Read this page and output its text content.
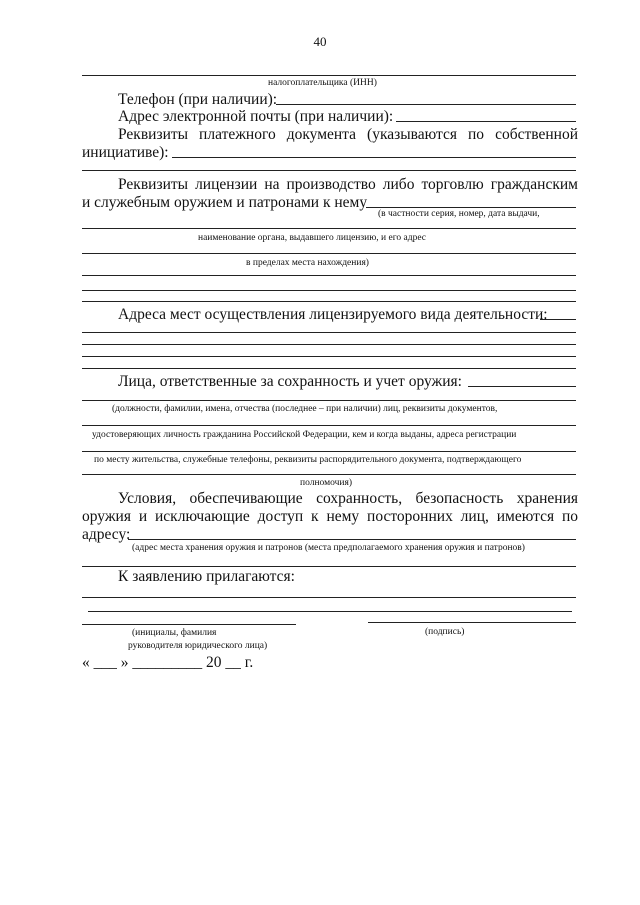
40
налогоплательщика (ИНН)
Телефон (при наличии):
Адрес электронной почты (при наличии):
Реквизиты платежного документа (указываются по собственной
инициативе):
Реквизиты лицензии на производство либо торговлю гражданским
и служебным оружием и патронами к нему
(в частности серия, номер, дата выдачи,
наименование органа, выдавшего лицензию, и его адрес
в пределах места нахождения)
Адреса мест осуществления лицензируемого вида деятельности:
Лица, ответственные за сохранность и учет оружия:
(должности, фамилии, имена, отчества (последнее – при наличии) лиц, реквизиты документов,
удостоверяющих личность гражданина Российской Федерации, кем и когда выданы, адреса регистрации
по месту жительства, служебные телефоны, реквизиты распорядительного документа, подтверждающего
полномочия)
Условия, обеспечивающие сохранность, безопасность хранения
оружия и исключающие доступ к нему посторонних лиц, имеются по
адресу:
(адрес места хранения оружия и патронов (места предполагаемого хранения оружия и патронов)
К заявлению прилагаются:
(инициалы, фамилия
руководителя юридического лица)
(подпись)
« ___ » _________ 20 __ г.
